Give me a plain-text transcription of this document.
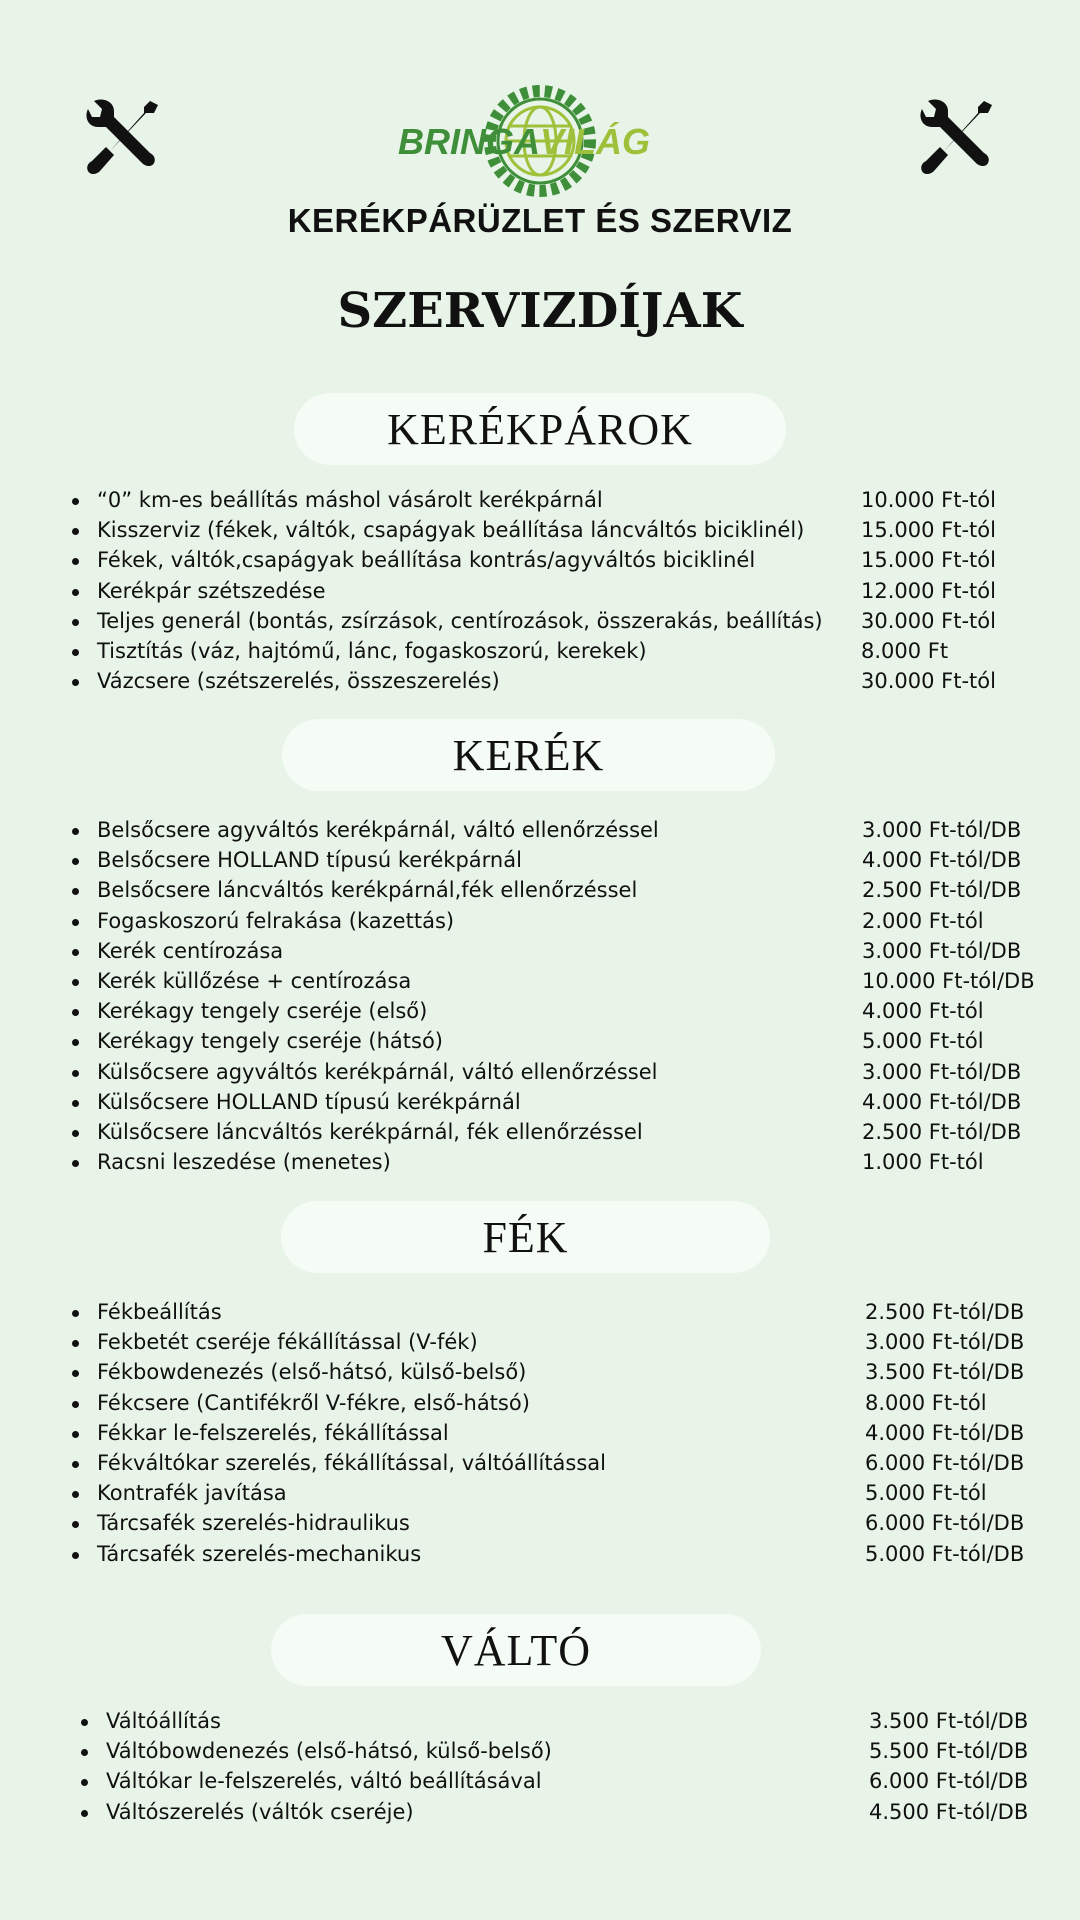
BRINGA VILÁG
KERÉKPÁRÜZLET ÉS SZERVIZ
SZERVIZDÍJAK
KERÉKPÁROK
“0” km-es beállítás máshol vásárolt kerékpárnál	10.000 Ft-tól
Kisszerviz (fékek, váltók, csapágyak beállítása láncváltós biciklinél)	15.000 Ft-tól
Fékek, váltók,csapágyak beállítása kontrás/agyváltós biciklinél	15.000 Ft-tól
Kerékpár szétszedése	12.000 Ft-tól
Teljes generál (bontás, zsírzások, centírozások, összerakás, beállítás) 30.000 Ft-tól
Tisztítás (váz, hajtómű, lánc, fogaskoszorú, kerekek)	8.000 Ft
Vázcsere (szétszerelés, összeszerelés)	30.000 Ft-tól
KERÉK
Belsőcsere agyváltós kerékpárnál, váltó ellenőrzéssel	3.000 Ft-tól/DB
Belsőcsere HOLLAND típusú kerékpárnál	4.000 Ft-tól/DB
Belsőcsere láncváltós kerékpárnál,fék ellenőrzéssel	2.500 Ft-tól/DB
Fogaskoszorú felrakása (kazettás)	2.000 Ft-tól
Kerék centírozása	3.000 Ft-tól/DB
Kerék küllőzése + centírozása	10.000 Ft-tól/DB
Kerékagy tengely cseréje (első)	4.000 Ft-tól
Kerékagy tengely cseréje (hátsó)	5.000 Ft-tól
Külsőcsere agyváltós kerékpárnál, váltó ellenőrzéssel	3.000 Ft-tól/DB
Külsőcsere HOLLAND típusú kerékpárnál	4.000 Ft-tól/DB
Külsőcsere láncváltós kerékpárnál, fék ellenőrzéssel	2.500 Ft-tól/DB
Racsni leszedése (menetes)	1.000 Ft-tól
FÉK
Fékbeállítás	2.500 Ft-tól/DB
Fekbetét cseréje fékállítással (V-fék)	3.000 Ft-tól/DB
Fékbowdenezés (első-hátsó, külső-belső)	3.500 Ft-tól/DB
Fékcsere (Cantifékről V-fékre, első-hátsó)	8.000 Ft-tól
Fékkar le-felszerelés, fékállítással	4.000 Ft-tól/DB
Fékváltókar szerelés, fékállítással, váltóállítással	6.000 Ft-tól/DB
Kontrafék javítása	5.000 Ft-tól
Tárcsafék szerelés-hidraulikus	6.000 Ft-tól/DB
Tárcsafék szerelés-mechanikus	5.000 Ft-tól/DB
VÁLTÓ
Váltóállítás	3.500 Ft-tól/DB
Váltóbowdenezés (első-hátsó, külső-belső)	5.500 Ft-tól/DB
Váltókar le-felszerelés, váltó beállításával	6.000 Ft-tól/DB
Váltószerelés (váltók cseréje)	4.500 Ft-tól/DB
